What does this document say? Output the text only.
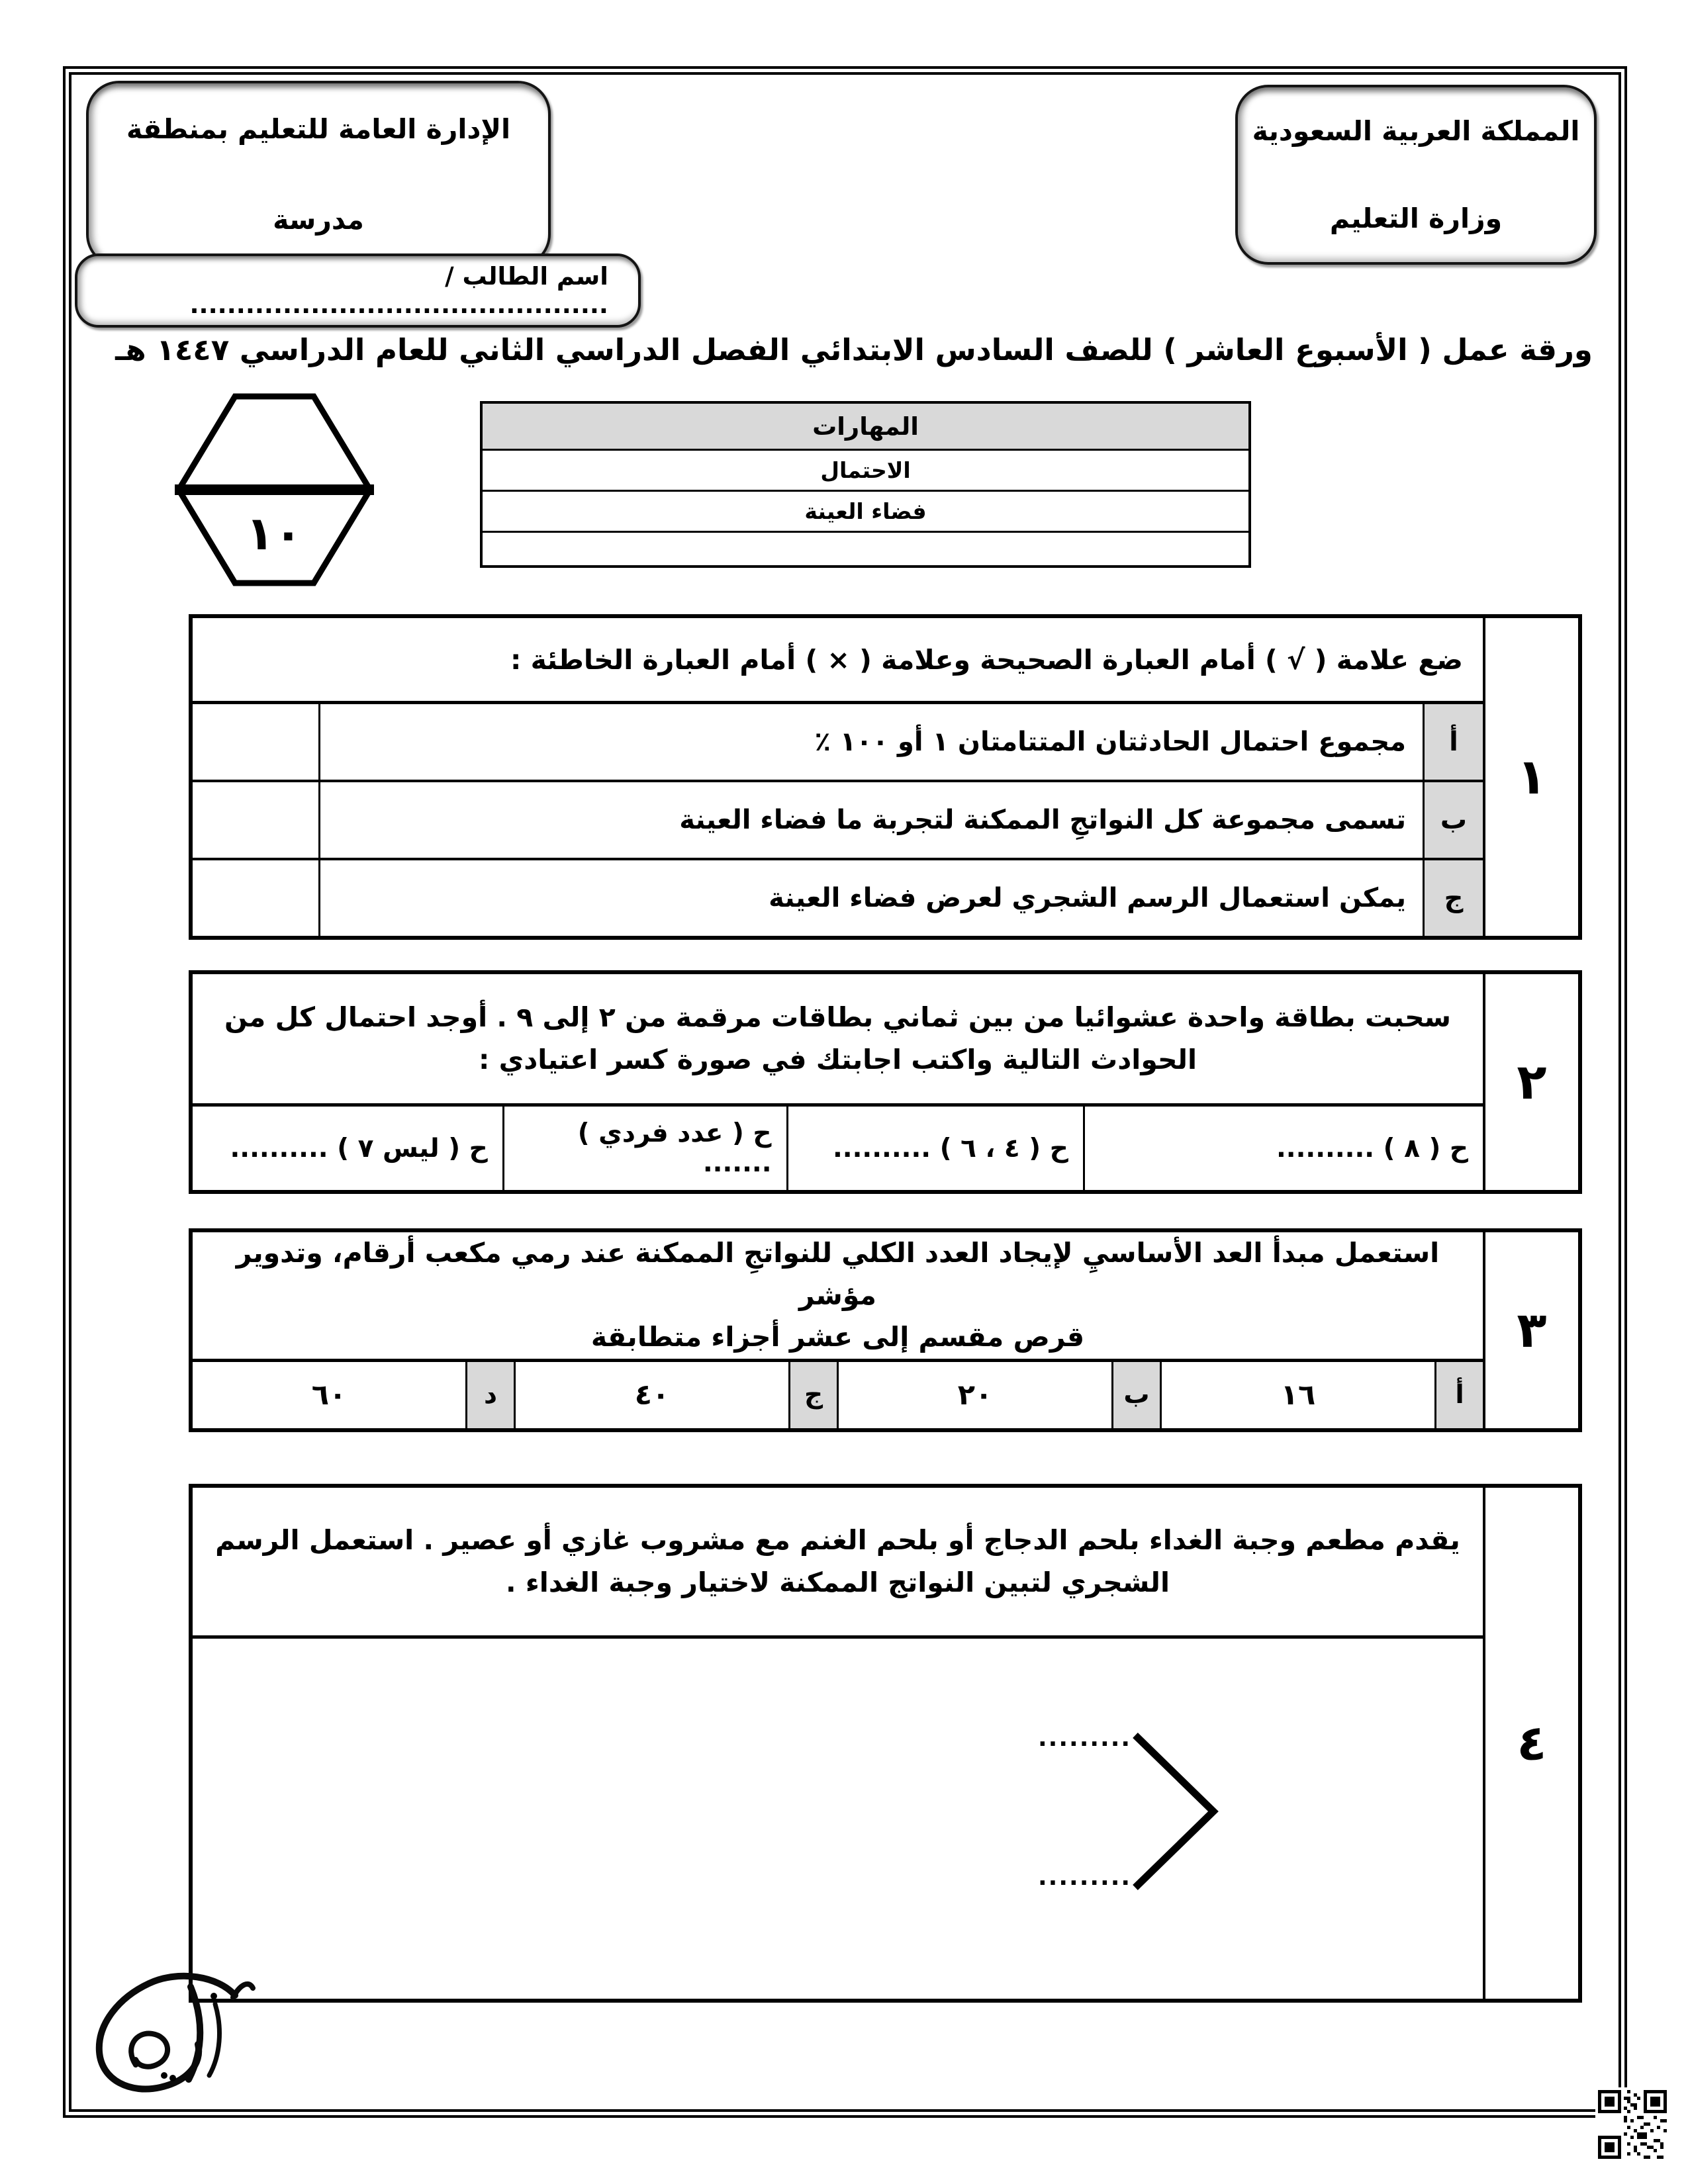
المملكة العربية السعودية
وزارة التعليم
الإدارة العامة للتعليم بمنطقة
مدرسة
اسم الطالب / .............................................
ورقة عمل ( الأسبوع العاشر ) للصف السادس الابتدائي الفصل الدراسي الثاني للعام الدراسي ١٤٤٧ هـ
١٠
المهارات
الاحتمال
فضاء العينة
١
ضع علامة ( √ ) أمام العبارة الصحيحة وعلامة ( × ) أمام العبارة الخاطئة :
أ
مجموع احتمال الحادثتان المتتامتان ١ أو ١٠٠ ٪
ب
تسمى مجموعة كل النواتجِ الممكنة لتجربة ما فضاء العينة
ج
يمكن استعمال الرسم الشجري لعرض فضاء العينة
٢
سحبت بطاقة واحدة عشوائيا من بين ثماني بطاقات مرقمة من ٢ إلى ٩ . أوجد احتمال كل من
الحوادث التالية واكتب اجابتك في صورة كسر اعتيادي :
ح ( ٨ ) ..........
ح ( ٤ ، ٦ ) ..........
ح ( عدد فردي ) .......
ح ( ليس ٧ ) ..........
٣
استعمل مبدأ العد الأساسيِ لإيجاد العدد الكلي للنواتجِ الممكنة عند رمي مكعب أرقام، وتدوير مؤشر
قرص مقسم إلى عشر أجزاء متطابقة
أ
١٦
ب
٢٠
ج
٤٠
د
٦٠
٤
يقدم مطعم وجبة الغداء بلحم الدجاج أو بلحم الغنم مع مشروب غازي أو عصير . استعمل الرسم
الشجري لتبين النواتج الممكنة لاختيار وجبة الغداء .
.........
.........
